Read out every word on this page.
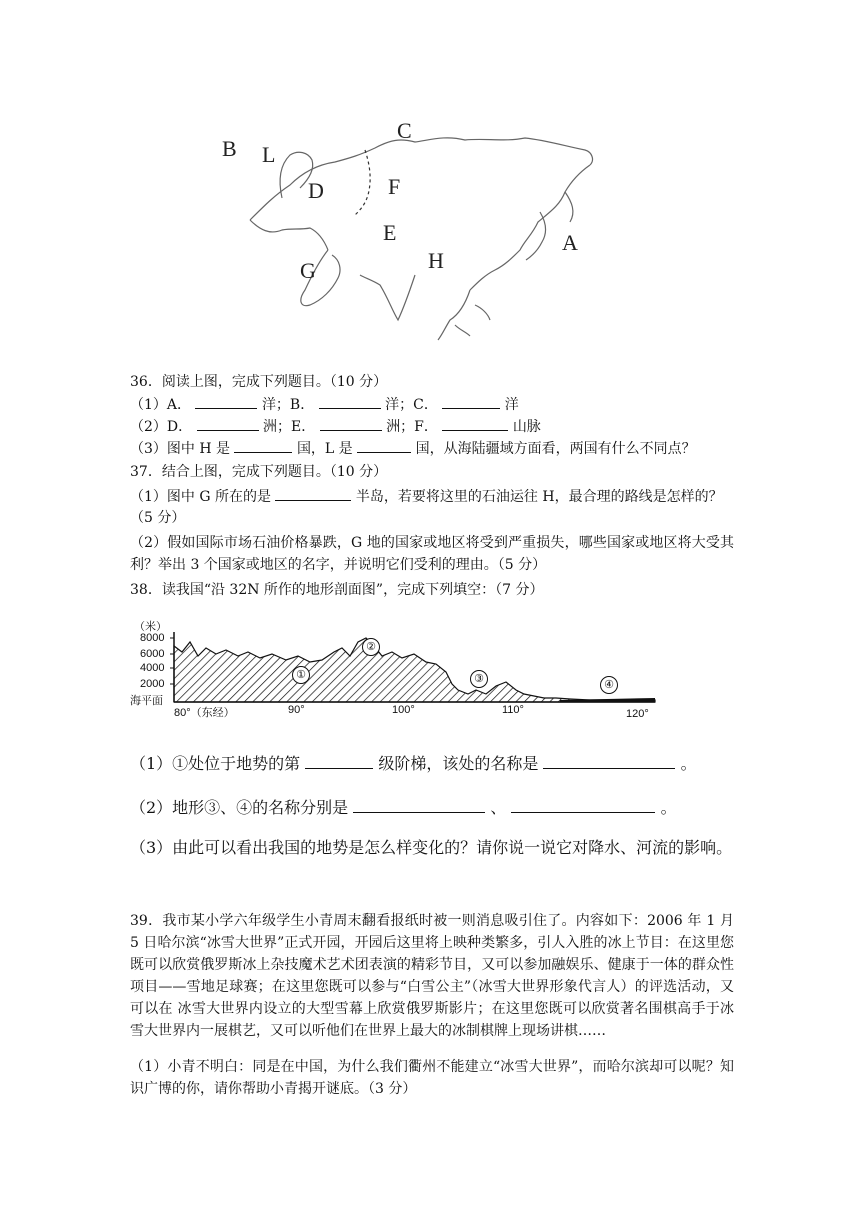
B L
C
D	F
E	A
H
G
36．阅读上图，完成下列题目。（10 分）
（1）A．	洋；B．	洋；C．	洋
（2）D．	洲；E．	洲；F．	山脉
（3）图中 H 是	国，L 是	国，从海陆疆域方面看，两国有什么不同点？
37．结合上图，完成下列题目。（10 分）
（1）图中 G 所在的是	半岛，若要将这里的石油运往 H，最合理的路线是怎样的？
（5 分）
（2）假如国际市场石油价格暴跌，G 地的国家或地区将受到严重损失，哪些国家或地区将大受其利？举出 3 个国家或地区的名字，并说明它们受利的理由。（5 分）
38．读我国“沿 32N 所作的地形剖面图”，完成下列填空：（7 分）
（米）
8000
6000
4000
2000
海平面
80°（东经）	90°	100°	110°	120°
①
②
③	④
（1）①处位于地势的第	级阶梯，该处的名称是	。
（2）地形③、④的名称分别是	、	。
（3）由此可以看出我国的地势是怎么样变化的？请你说一说它对降水、河流的影响。
39．我市某小学六年级学生小青周末翻看报纸时被一则消息吸引住了。内容如下：2006 年 1 月 5 日哈尔滨“冰雪大世界”正式开园，开园后这里将上映种类繁多，引人入胜的冰上节目：在这里您既可以欣赏俄罗斯冰上杂技魔术艺术团表演的精彩节目，又可以参加融娱乐、健康于一体的群众性项目——雪地足球赛；在这里您既可以参与“白雪公主”（冰雪大世界形象代言人）的评选活动，又可以在 冰雪大世界内设立的大型雪幕上欣赏俄罗斯影片；在这里您既可以欣赏著名围棋高手于冰雪大世界内一展棋艺，又可以听他们在世界上最大的冰制棋牌上现场讲棋……
（1）小青不明白：同是在中国，为什么我们衢州不能建立“冰雪大世界”，而哈尔滨却可以呢？知识广博的你，请你帮助小青揭开谜底。（3 分）
